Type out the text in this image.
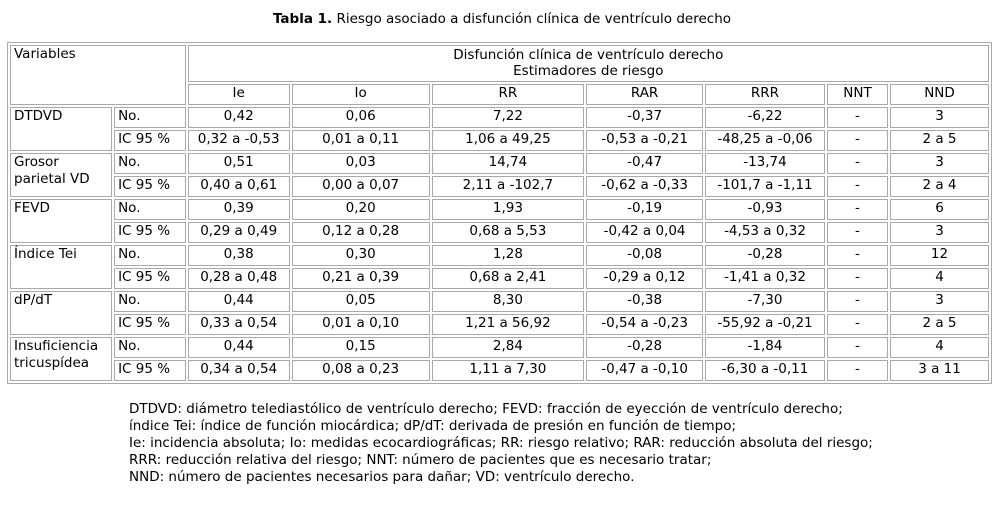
Tabla 1. Riesgo asociado a disfunción clínica de ventrículo derecho
Variables		Disfunción clínica de ventrículo derecho
Estimadores de riesgo						

		Ie	Io	RR	RAR	RRR	NNT	NND
DTDVD	No.	0,42	0,06	7,22	-0,37	-6,22	-	3
	IC 95 %	0,32 a -0,53	0,01 a 0,11	1,06 a 49,25	-0,53 a -0,21	-48,25 a -0,06	-	2 a 5
Grosor parietal VD	No.	0,51	0,03	14,74	-0,47	-13,74	-	3
	IC 95 %	0,40 a 0,61	0,00 a 0,07	2,11 a -102,7	-0,62 a -0,33	-101,7 a -1,11	-	2 a 4
FEVD	No.	0,39	0,20	1,93	-0,19	-0,93	-	6
	IC 95 %	0,29 a 0,49	0,12 a 0,28	0,68 a 5,53	-0,42 a 0,04	-4,53 a 0,32	-	3
Índice Tei	No.	0,38	0,30	1,28	-0,08	-0,28	-	12
	IC 95 %	0,28 a 0,48	0,21 a 0,39	0,68 a 2,41	-0,29 a 0,12	-1,41 a 0,32	-	4
dP/dT	No.	0,44	0,05	8,30	-0,38	-7,30	-	3
	IC 95 %	0,33 a 0,54	0,01 a 0,10	1,21 a 56,92	-0,54 a -0,23	-55,92 a -0,21	-	2 a 5
Insuficiencia tricuspídea	No.	0,44	0,15	2,84	-0,28	-1,84	-	4
	IC 95 %	0,34 a 0,54	0,08 a 0,23	1,11 a 7,30	-0,47 a -0,10	-6,30 a -0,11	-	3 a 11
DTDVD: diámetro telediastólico de ventrículo derecho; FEVD: fracción de eyección de ventrículo derecho;
índice Tei: índice de función miocárdica; dP/dT: derivada de presión en función de tiempo;
Ie: incidencia absoluta; Io: medidas ecocardiográficas; RR: riesgo relativo; RAR: reducción absoluta del riesgo;
RRR: reducción relativa del riesgo; NNT: número de pacientes que es necesario tratar;
NND: número de pacientes necesarios para dañar; VD: ventrículo derecho.
